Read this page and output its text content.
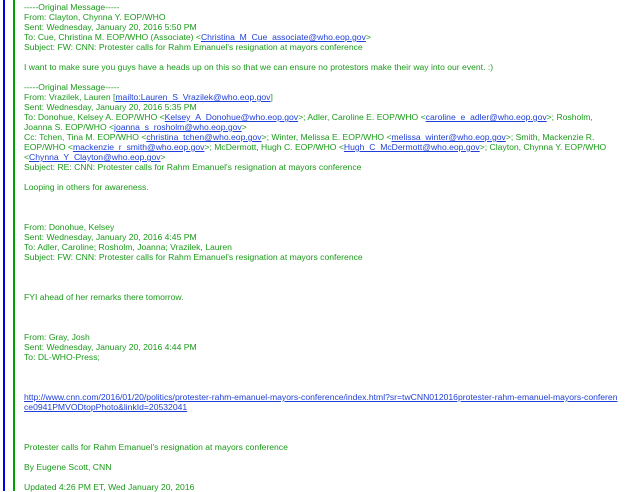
-----Original Message-----
From: Clayton, Chynna Y. EOP/WHO
Sent: Wednesday, January 20, 2016 5:50 PM
To: Cue, Christina M. EOP/WHO (Associate) <Christina_M_Cue_associate@who.eop.gov>
Subject: FW: CNN: Protester calls for Rahm Emanuel's resignation at mayors conference
I want to make sure you guys have a heads up on this so that we can ensure no protestors make their way into our event. :)
-----Original Message-----
From: Vrazilek, Lauren [mailto:Lauren_S_Vrazilek@who.eop.gov]
Sent: Wednesday, January 20, 2016 5:35 PM
To: Donohue, Kelsey A. EOP/WHO <Kelsey_A_Donohue@who.eop.gov>; Adler, Caroline E. EOP/WHO <caroline_e_adler@who.eop.gov>; Rosholm, Joanna S. EOP/WHO <joanna_s_rosholm@who.eop.gov>
Cc: Tchen, Tina M. EOP/WHO <christina_tchen@who.eop.gov>; Winter, Melissa E. EOP/WHO <melissa_winter@who.eop.gov>; Smith, Mackenzie R. EOP/WHO <mackenzie_r_smith@who.eop.gov>; McDermott, Hugh C. EOP/WHO <Hugh_C_McDermott@who.eop.gov>; Clayton, Chynna Y. EOP/WHO <Chynna_Y_Clayton@who.eop.gov>
Subject: RE: CNN: Protester calls for Rahm Emanuel's resignation at mayors conference
Looping in others for awareness.
From: Donohue, Kelsey
Sent: Wednesday, January 20, 2016 4:45 PM
To: Adler, Caroline; Rosholm, Joanna; Vrazilek, Lauren
Subject: FW: CNN: Protester calls for Rahm Emanuel's resignation at mayors conference
FYI ahead of her remarks there tomorrow.
From: Gray, Josh
Sent: Wednesday, January 20, 2016 4:44 PM
To: DL-WHO-Press;
http://www.cnn.com/2016/01/20/politics/protester-rahm-emanuel-mayors-conference/index.html?sr=twCNN012016protester-rahm-emanuel-mayors-conference0941PMVODtopPhoto&linkId=20532041
Protester calls for Rahm Emanuel's resignation at mayors conference
By Eugene Scott, CNN
Updated 4:26 PM ET, Wed January 20, 2016
